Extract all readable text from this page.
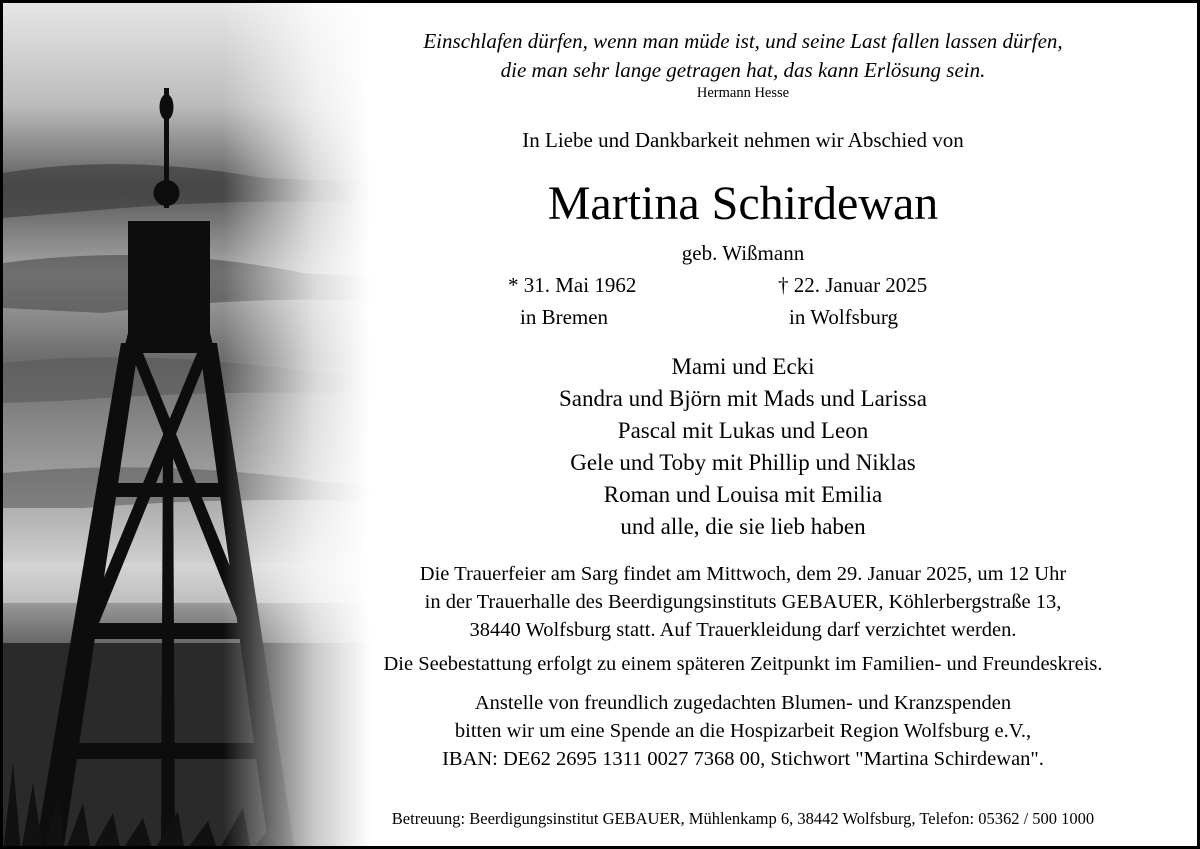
Einschlafen dürfen, wenn man müde ist, und seine Last fallen lassen dürfen,
die man sehr lange getragen hat, das kann Erlösung sein.
Hermann Hesse
In Liebe und Dankbarkeit nehmen wir Abschied von
Martina Schirdewan
geb. Wißmann
* 31. Mai 1962	† 22. Januar 2025
in Bremen	in Wolfsburg
Mami und Ecki
Sandra und Björn mit Mads und Larissa
Pascal mit Lukas und Leon
Gele und Toby mit Phillip und Niklas
Roman und Louisa mit Emilia
und alle, die sie lieb haben
Die Trauerfeier am Sarg findet am Mittwoch, dem 29. Januar 2025, um 12 Uhr
in der Trauerhalle des Beerdigungsinstituts GEBAUER, Köhlerbergstraße 13,
38440 Wolfsburg statt. Auf Trauerkleidung darf verzichtet werden.
Die Seebestattung erfolgt zu einem späteren Zeitpunkt im Familien- und Freundeskreis.
Anstelle von freundlich zugedachten Blumen- und Kranzspenden
bitten wir um eine Spende an die Hospizarbeit Region Wolfsburg e.V.,
IBAN: DE62 2695 1311 0027 7368 00, Stichwort "Martina Schirdewan".
Betreuung: Beerdigungsinstitut GEBAUER, Mühlenkamp 6, 38442 Wolfsburg, Telefon: 05362 / 500 1000
